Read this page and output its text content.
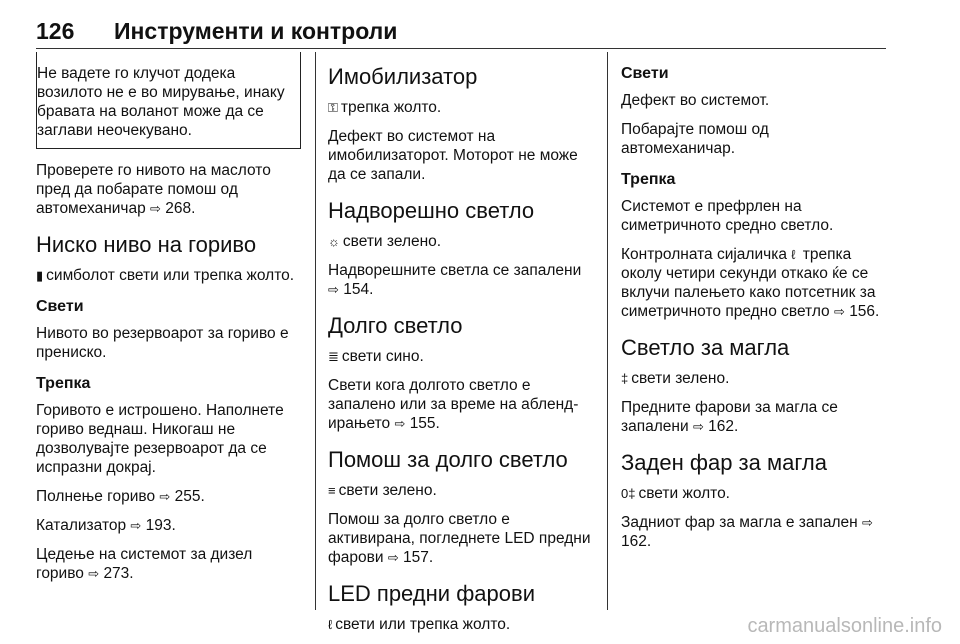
126 Инструменти и контроли

Не вадете го клучот додека возилото не е во мирување, инаку бравата на воланот може да се заглави неочекувано.

Проверете го нивото на маслото пред да побарате помош од автомеханичар ⇨ 268.

Ниско ниво на гориво

▮ симболот свети или трепка жолто.

Свети

Нивото во резервоарот за гориво е прениско.

Трепка

Горивото е истрошено. Наполнете гориво веднаш. Никогаш не дозволувајте резервоарот да се испразни докрај.

Полнење гориво ⇨ 255.

Катализатор ⇨ 193.

Цедење на системот за дизел гориво ⇨ 273.

Имобилизатор

⚿ трепка жолто.

Дефект во системот на имобилизаторот. Моторот не може да се запали.

Надворешно светло

☼ свети зелено.

Надворешните светла се запалени ⇨ 154.

Долго светло

≣ свети сино.

Свети кога долгото светло е запалено или за време на аблендирањето ⇨ 155.

Помош за долго светло

≡ свети зелено.

Помош за долго светло е активирана, погледнете LED предни фарови ⇨ 157.

LED предни фарови

ℓ свети или трепка жолто.

Свети

Дефект во системот.

Побарајте помош од автомеханичар.

Трепка

Системот е префрлен на симетричното средно светло.

Контролната сијаличка ℓ трепка околу четири секунди откако ќе се вклучи палењето како потсетник за симетричното предно светло ⇨ 156.

Светло за магла

‡ свети зелено.

Предните фарови за магла се запалени ⇨ 162.

Заден фар за магла

0‡ свети жолто.

Задниот фар за магла е запален ⇨ 162.

carmanualsonline.info
